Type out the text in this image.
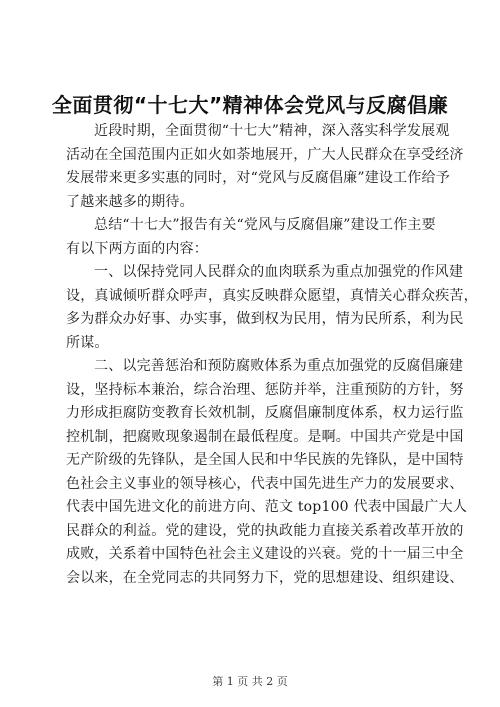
全面贯彻“十七大”精神体会党风与反腐倡廉
近段时期，全面贯彻“十七大”精神，深入落实科学发展观
活动在全国范围内正如火如荼地展开，广大人民群众在享受经济
发展带来更多实惠的同时，对“党风与反腐倡廉”建设工作给予
了越来越多的期待。
总结“十七大”报告有关“党风与反腐倡廉”建设工作主要
有以下两方面的内容：
一、以保持党同人民群众的血肉联系为重点加强党的作风建
设，真诚倾听群众呼声，真实反映群众愿望，真情关心群众疾苦，
多为群众办好事、办实事，做到权为民用，情为民所系，利为民
所谋。
二、以完善惩治和预防腐败体系为重点加强党的反腐倡廉建
设，坚持标本兼治，综合治理、惩防并举，注重预防的方针，努
力形成拒腐防变教育长效机制，反腐倡廉制度体系，权力运行监
控机制，把腐败现象遏制在最低程度。是啊。中国共产党是中国
无产阶级的先锋队，是全国人民和中华民族的先锋队，是中国特
色社会主义事业的领导核心，代表中国先进生产力的发展要求、
代表中国先进文化的前进方向、范文 top100 代表中国最广大人
民群众的利益。党的建设，党的执政能力直接关系着改革开放的
成败，关系着中国特色社会主义建设的兴衰。党的十一届三中全
会以来，在全党同志的共同努力下，党的思想建设、组织建设、
第 1 页 共 2 页
